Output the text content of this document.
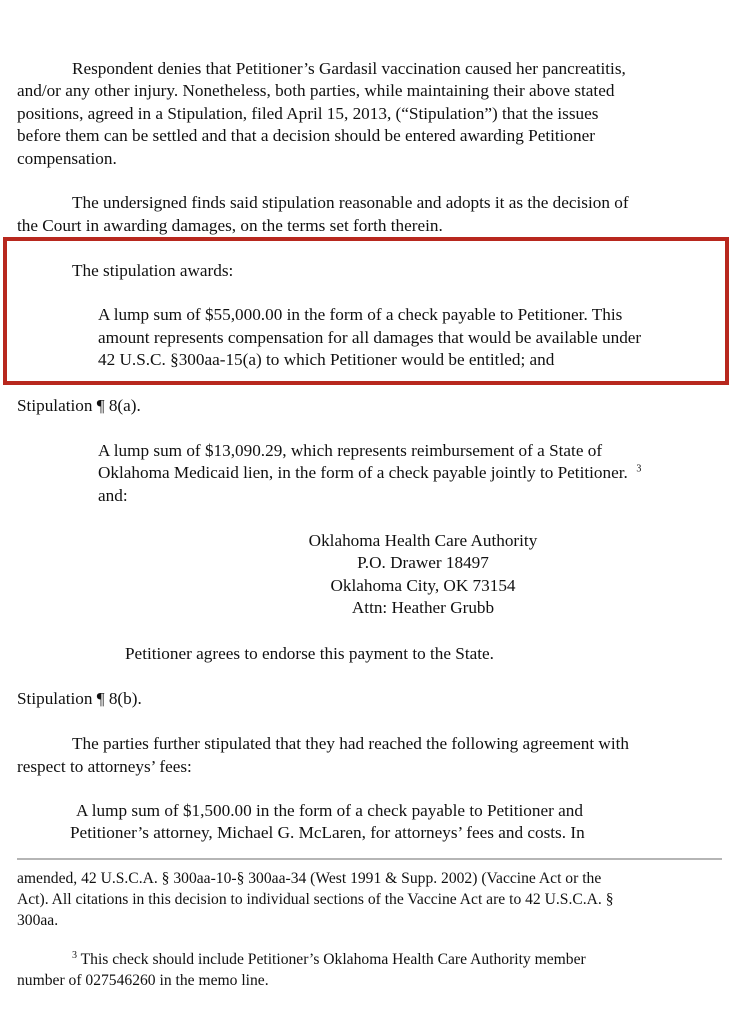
Respondent denies that Petitioner’s Gardasil vaccination caused her pancreatitis,
and/or any other injury. Nonetheless, both parties, while maintaining their above stated
positions, agreed in a Stipulation, filed April 15, 2013, (“Stipulation”) that the issues
before them can be settled and that a decision should be entered awarding Petitioner
compensation.
The undersigned finds said stipulation reasonable and adopts it as the decision of
the Court in awarding damages, on the terms set forth therein.
The stipulation awards:
A lump sum of $55,000.00 in the form of a check payable to Petitioner. This
amount represents compensation for all damages that would be available under
42 U.S.C. §300aa-15(a) to which Petitioner would be entitled; and
Stipulation ¶ 8(a).
A lump sum of $13,090.29, which represents reimbursement of a State of
Oklahoma Medicaid lien, in the form of a check payable jointly to Petitioner. $^3$
and:
Oklahoma Health Care Authority
P.O. Drawer 18497
Oklahoma City, OK 73154
Attn: Heather Grubb
Petitioner agrees to endorse this payment to the State.
Stipulation ¶ 8(b).
The parties further stipulated that they had reached the following agreement with
respect to attorneys’ fees:
A lump sum of $1,500.00 in the form of a check payable to Petitioner and
Petitioner’s attorney, Michael G. McLaren, for attorneys’ fees and costs. In
amended, 42 U.S.C.A. § 300aa-10-§ 300aa-34 (West 1991 & Supp. 2002) (Vaccine Act or the
Act). All citations in this decision to individual sections of the Vaccine Act are to 42 U.S.C.A. §
300aa.
$^3$ This check should include Petitioner’s Oklahoma Health Care Authority member
number of 027546260 in the memo line.
